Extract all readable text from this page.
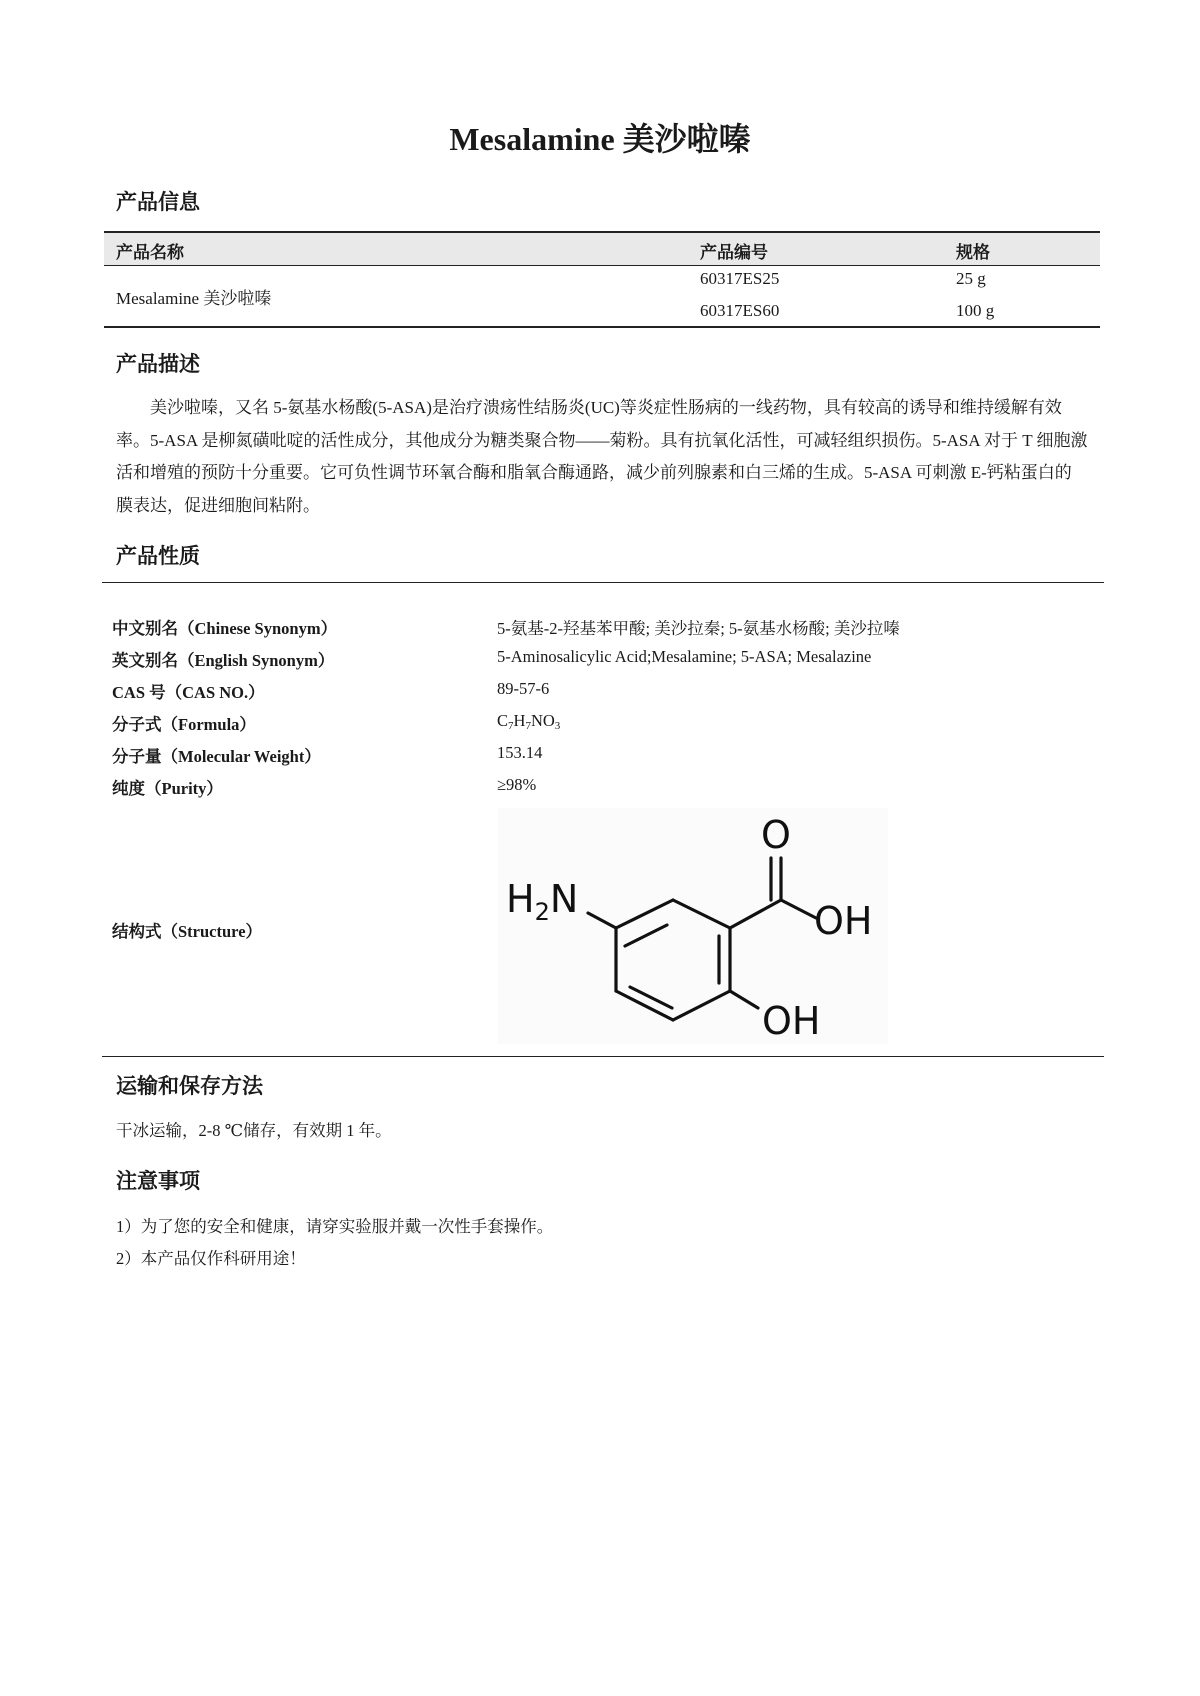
Mesalamine 美沙啦嗪
产品信息
产品名称	产品编号	规格
Mesalamine 美沙啦嗪
60317ES25	25 g
60317ES60	100 g
产品描述
美沙啦嗪，又名 5-氨基水杨酸(5-ASA)是治疗溃疡性结肠炎(UC)等炎症性肠病的一线药物，具有较高的诱导和维持缓解有效率。5-ASA 是柳氮磺吡啶的活性成分，其他成分为糖类聚合物——菊粉。具有抗氧化活性，可减轻组织损伤。5-ASA 对于 T 细胞激活和增殖的预防十分重要。它可负性调节环氧合酶和脂氧合酶通路，减少前列腺素和白三烯的生成。5-ASA 可刺激 E-钙粘蛋白的膜表达，促进细胞间粘附。
产品性质
中文别名（Chinese Synonym）	5-氨基-2-羟基苯甲酸; 美沙拉秦; 5-氨基水杨酸; 美沙拉嗪
英文别名（English Synonym）	5-Aminosalicylic Acid;Mesalamine; 5-ASA; Mesalazine
CAS 号（CAS NO.）	89-57-6
分子式（Formula）	$C_7H_7NO_3$
分子量（Molecular Weight）	153.14
纯度（Purity）	≥98%
结构式（Structure）
$H_2N$
O
OH
OH
运输和保存方法
干冰运输，2-8 ℃储存，有效期 1 年。
注意事项
1）为了您的安全和健康，请穿实验服并戴一次性手套操作。
2）本产品仅作科研用途！
